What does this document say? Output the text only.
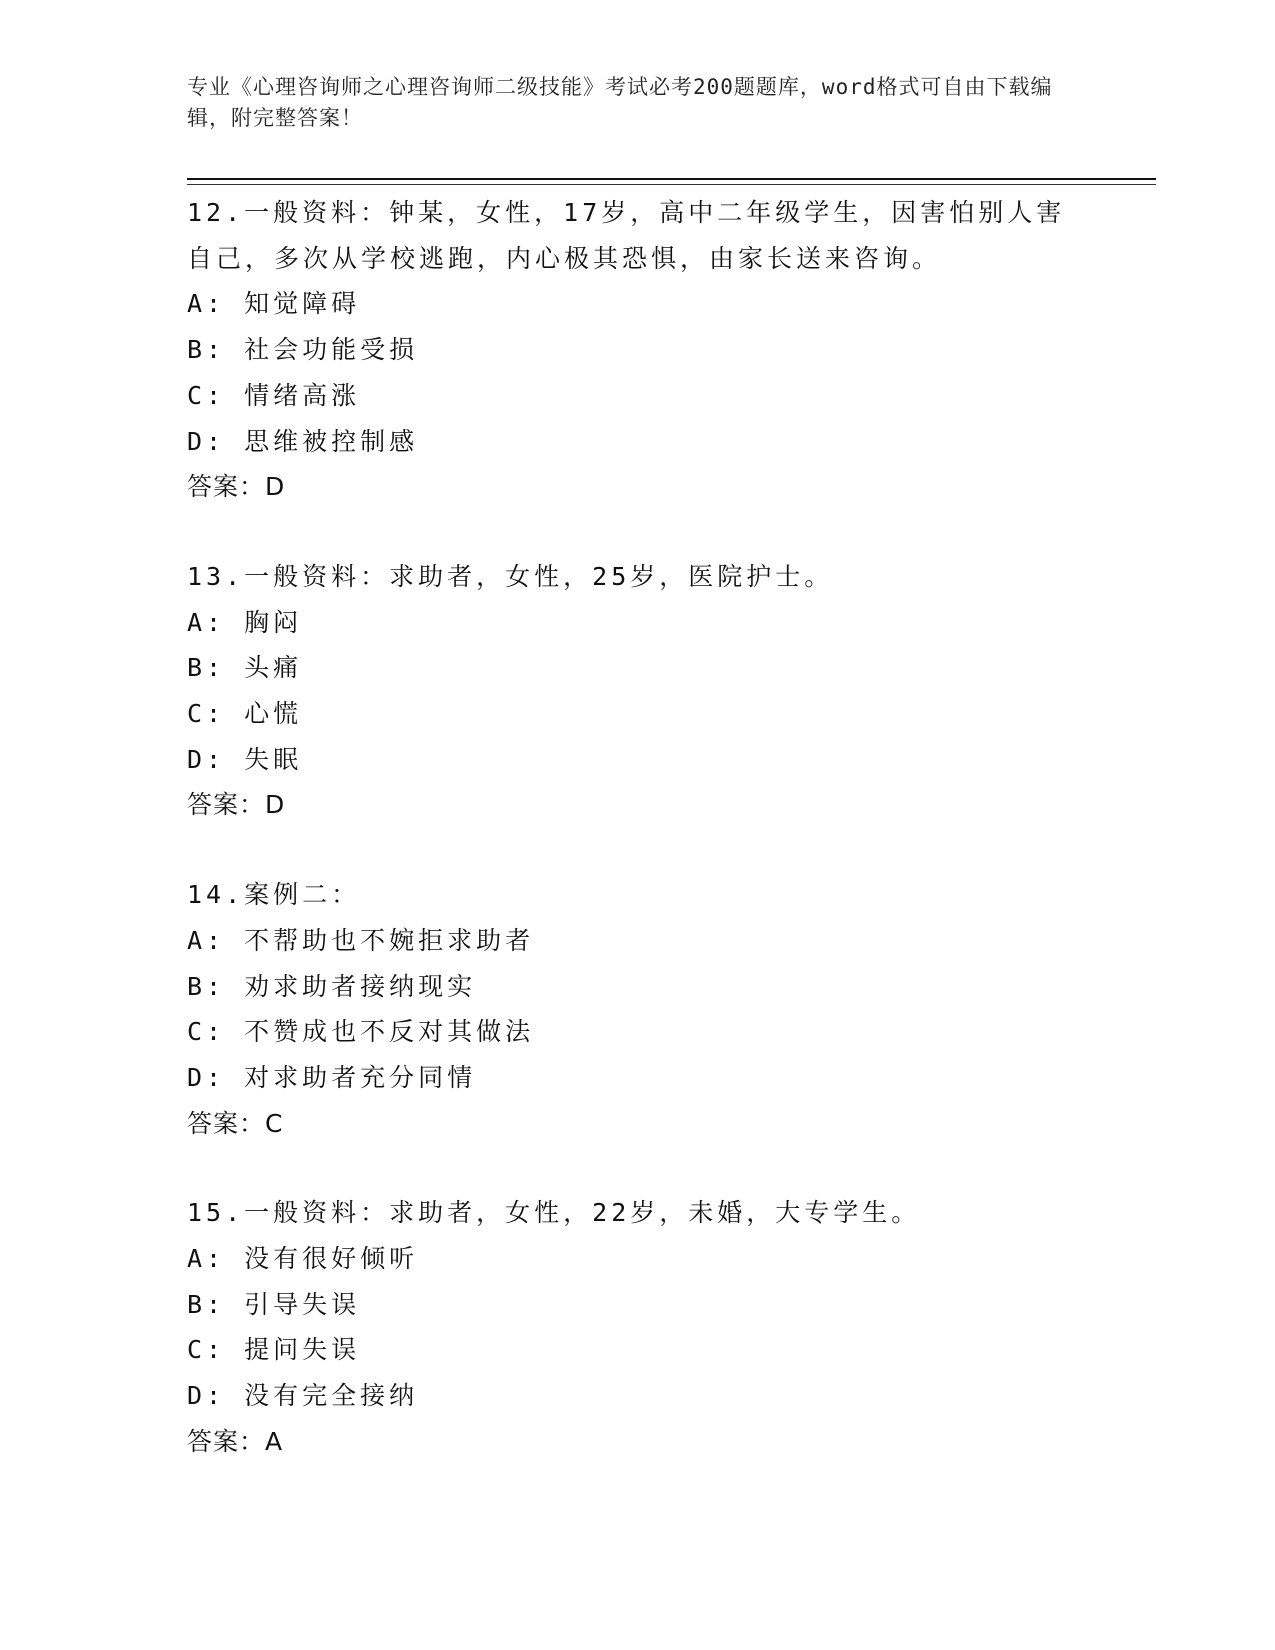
专业《心理咨询师之心理咨询师二级技能》考试必考200题题库，word格式可自由下载编辑，附完整答案！
12.一般资料：钟某，女性，17岁，高中二年级学生，因害怕别人害自己，多次从学校逃跑，内心极其恐惧，由家长送来咨询。
A: 知觉障碍
B: 社会功能受损
C: 情绪高涨
D: 思维被控制感
答案：D
13.一般资料：求助者，女性，25岁，医院护士。
A: 胸闷
B: 头痛
C: 心慌
D: 失眠
答案：D
14.案例二：
A: 不帮助也不婉拒求助者
B: 劝求助者接纳现实
C: 不赞成也不反对其做法
D: 对求助者充分同情
答案：C
15.一般资料：求助者，女性，22岁，未婚，大专学生。
A: 没有很好倾听
B: 引导失误
C: 提问失误
D: 没有完全接纳
答案：A
